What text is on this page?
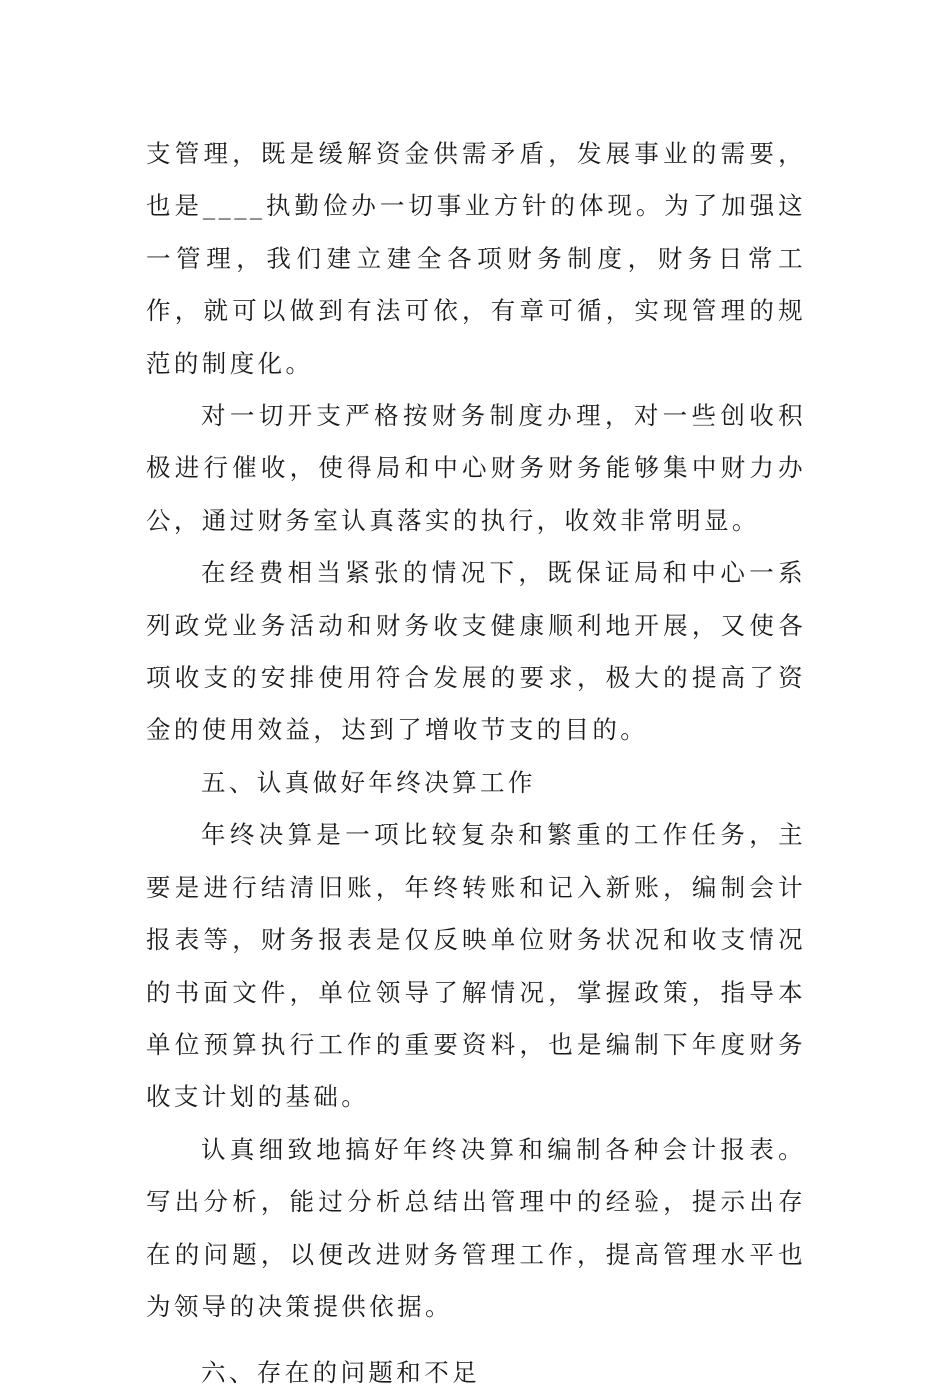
支管理，既是缓解资金供需矛盾，发展事业的需要，也是____执勤俭办一切事业方针的体现。为了加强这一管理，我们建立建全各项财务制度，财务日常工作，就可以做到有法可依，有章可循，实现管理的规范的制度化。

对一切开支严格按财务制度办理，对一些创收积极进行催收，使得局和中心财务财务能够集中财力办公，通过财务室认真落实的执行，收效非常明显。

在经费相当紧张的情况下，既保证局和中心一系列政党业务活动和财务收支健康顺利地开展，又使各项收支的安排使用符合发展的要求，极大的提高了资金的使用效益，达到了增收节支的目的。

五、认真做好年终决算工作

年终决算是一项比较复杂和繁重的工作任务，主要是进行结清旧账，年终转账和记入新账，编制会计报表等，财务报表是仅反映单位财务状况和收支情况的书面文件，单位领导了解情况，掌握政策，指导本单位预算执行工作的重要资料，也是编制下年度财务收支计划的基础。

认真细致地搞好年终决算和编制各种会计报表。写出分析，能过分析总结出管理中的经验，提示出存在的问题，以便改进财务管理工作，提高管理水平也为领导的决策提供依据。

六、存在的问题和不足
